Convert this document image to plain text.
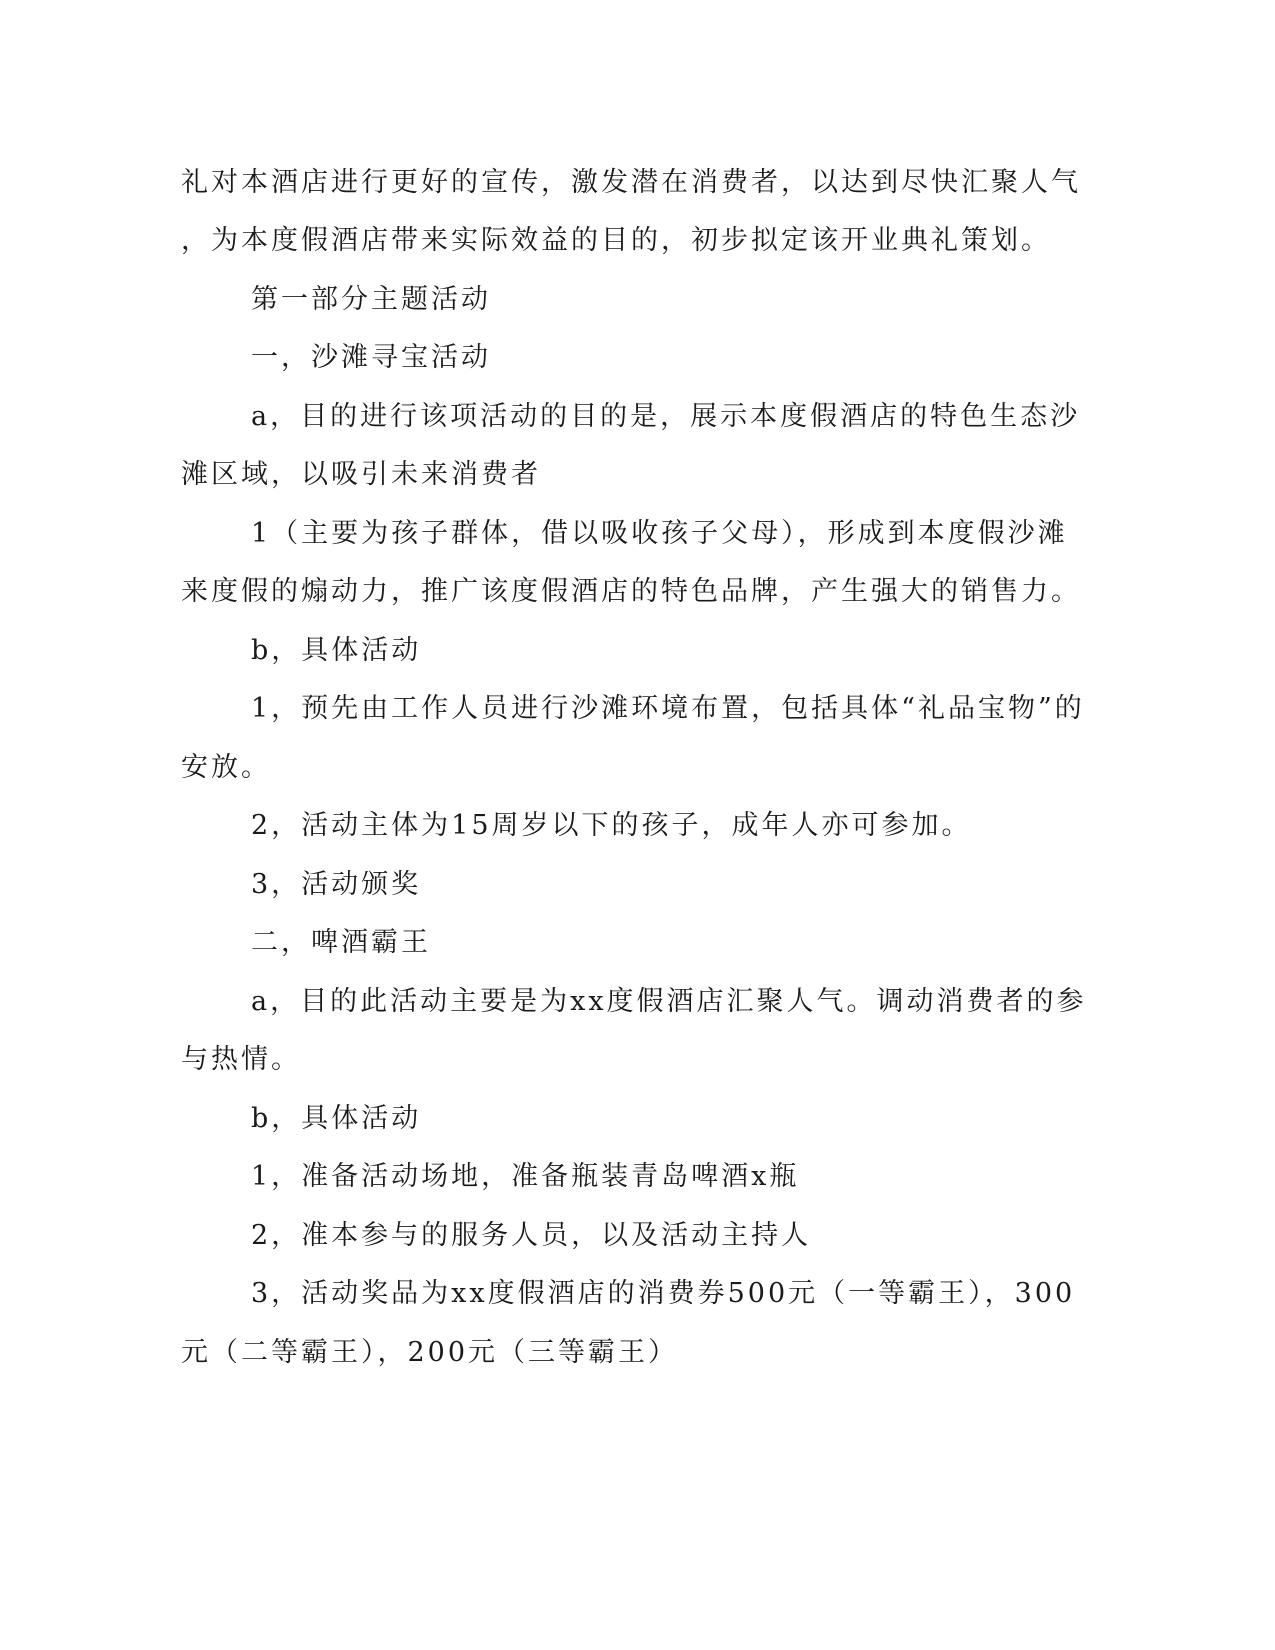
礼对本酒店进行更好的宣传，激发潜在消费者，以达到尽快汇聚人气
，为本度假酒店带来实际效益的目的，初步拟定该开业典礼策划。
第一部分主题活动
一，沙滩寻宝活动
a，目的进行该项活动的目的是，展示本度假酒店的特色生态沙
滩区域，以吸引未来消费者
1（主要为孩子群体，借以吸收孩子父母），形成到本度假沙滩
来度假的煽动力，推广该度假酒店的特色品牌，产生强大的销售力。
b，具体活动
1，预先由工作人员进行沙滩环境布置，包括具体“礼品宝物”的
安放。
2，活动主体为15周岁以下的孩子，成年人亦可参加。
3，活动颁奖
二，啤酒霸王
a，目的此活动主要是为xx度假酒店汇聚人气。调动消费者的参
与热情。
b，具体活动
1，准备活动场地，准备瓶装青岛啤酒x瓶
2，准本参与的服务人员，以及活动主持人
3，活动奖品为xx度假酒店的消费券500元（一等霸王），300
元（二等霸王），200元（三等霸王）
